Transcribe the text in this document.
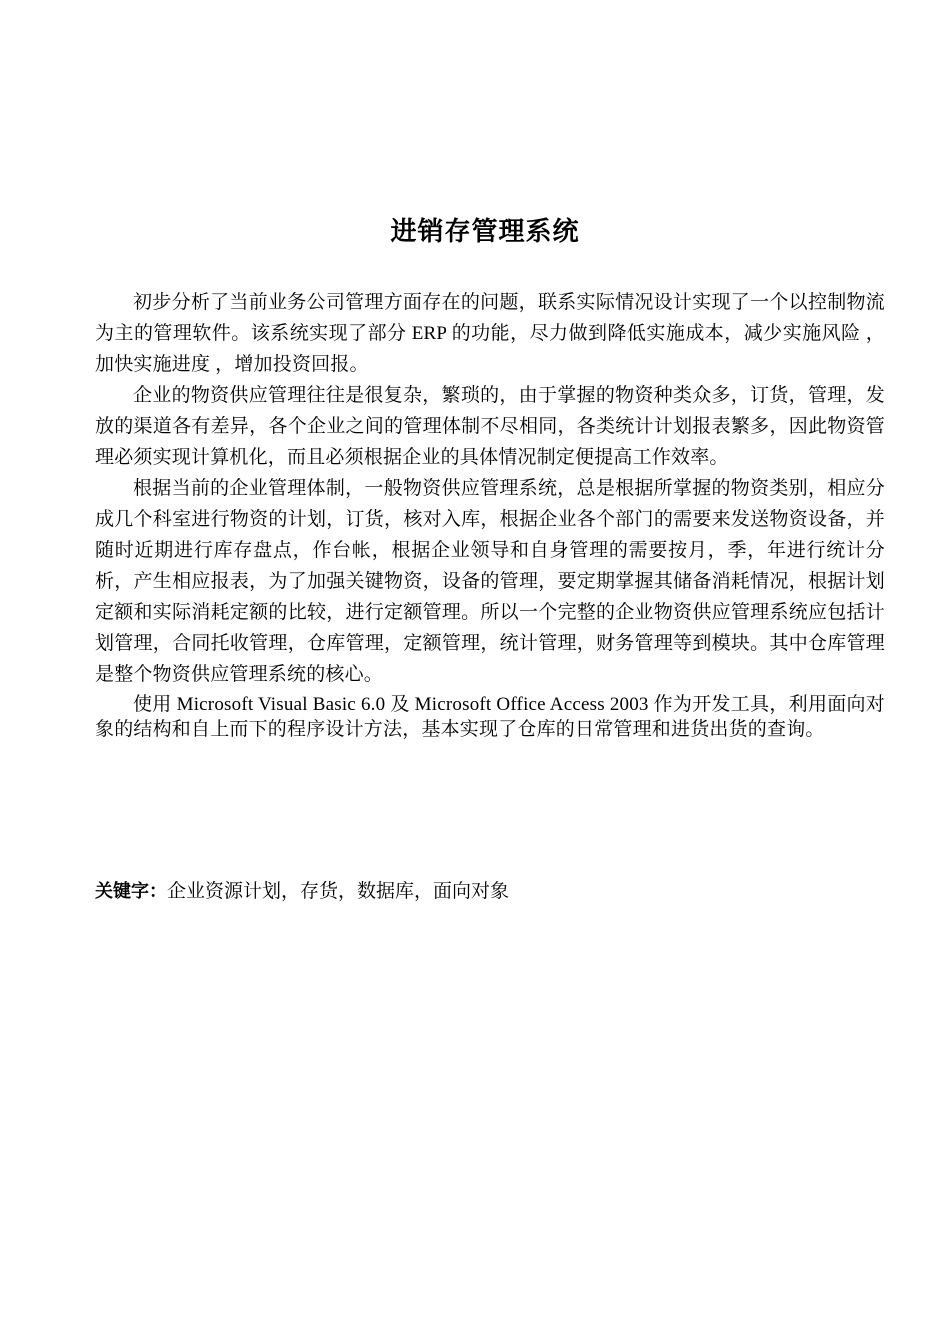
进销存管理系统

初步分析了当前业务公司管理方面存在的问题，联系实际情况设计实现了一个以控制物流为主的管理软件。该系统实现了部分 ERP 的功能，尽力做到降低实施成本，减少实施风险 ，加快实施进度 ，增加投资回报。

企业的物资供应管理往往是很复杂，繁琐的，由于掌握的物资种类众多，订货，管理，发放的渠道各有差异，各个企业之间的管理体制不尽相同，各类统计计划报表繁多，因此物资管理必须实现计算机化，而且必须根据企业的具体情况制定便提高工作效率。

根据当前的企业管理体制，一般物资供应管理系统，总是根据所掌握的物资类别，相应分成几个科室进行物资的计划，订货，核对入库，根据企业各个部门的需要来发送物资设备，并随时近期进行库存盘点，作台帐，根据企业领导和自身管理的需要按月，季，年进行统计分析，产生相应报表，为了加强关键物资，设备的管理，要定期掌握其储备消耗情况，根据计划定额和实际消耗定额的比较，进行定额管理。所以一个完整的企业物资供应管理系统应包括计划管理，合同托收管理，仓库管理，定额管理，统计管理，财务管理等到模块。其中仓库管理是整个物资供应管理系统的核心。

使用 Microsoft Visual Basic 6.0 及 Microsoft Office Access 2003 作为开发工具，利用面向对象的结构和自上而下的程序设计方法，基本实现了仓库的日常管理和进货出货的查询。

关键字：企业资源计划，存货，数据库，面向对象
